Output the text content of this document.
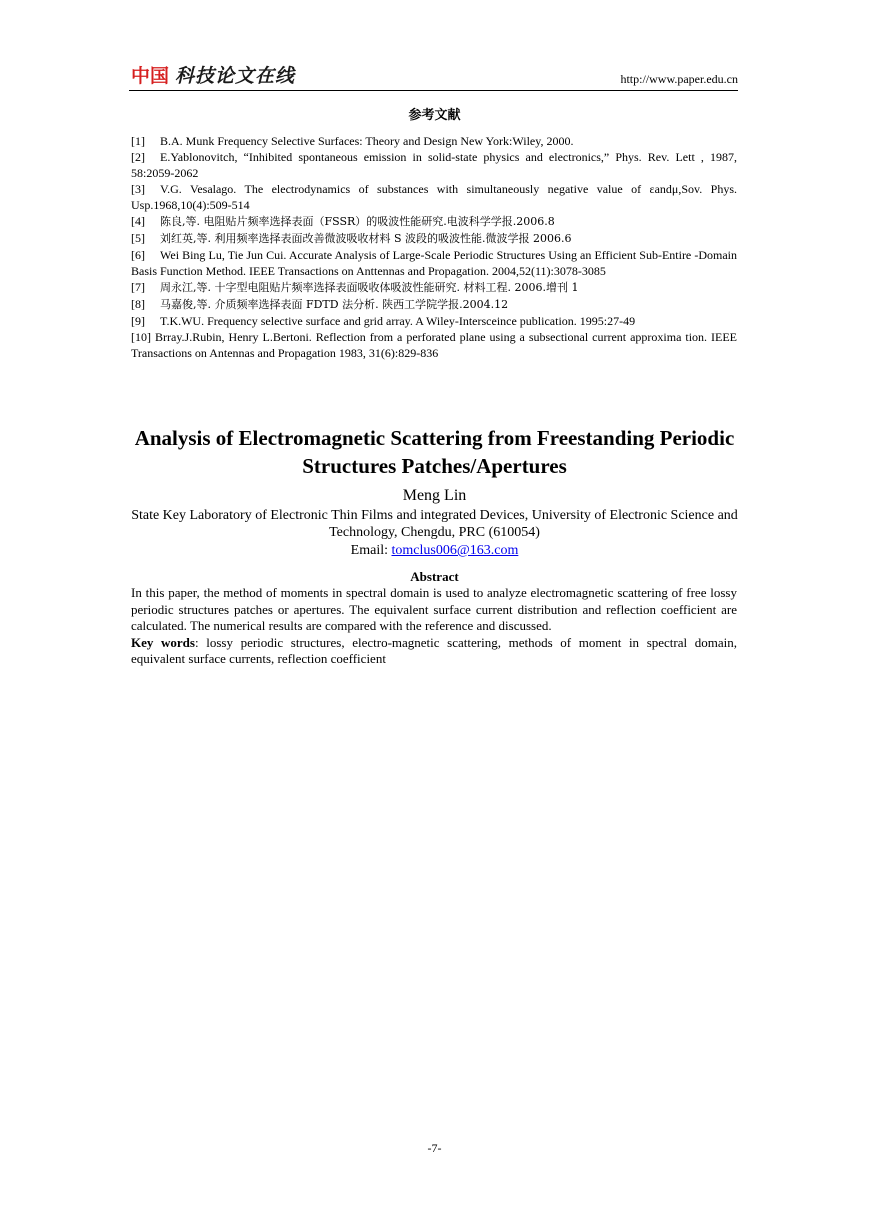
中国 科技论文在线	http://www.paper.edu.cn
参考文献

[1] B.A. Munk Frequency Selective Surfaces: Theory and Design New York:Wiley, 2000.

[2] E.Yablonovitch, “Inhibited spontaneous emission in solid-state physics and electronics,” Phys. Rev. Lett , 1987, 58:2059-2062

[3] V.G. Vesalago. The electrodynamics of substances with simultaneously negative value of εandμ,Sov. Phys. Usp.1968,10(4):509-514

[4] 陈良,等. 电阻贴片频率选择表面（FSSR）的吸波性能研究.电波科学学报.2006.8

[5] 刘红英,等. 利用频率选择表面改善微波吸收材料 S 波段的吸波性能.微波学报 2006.6

[6] Wei Bing Lu, Tie Jun Cui. Accurate Analysis of Large-Scale Periodic Structures Using an Efficient Sub-Entire -Domain Basis Function Method. IEEE Transactions on Anttennas and Propagation. 2004,52(11):3078-3085

[7] 周永江,等. 十字型电阻贴片频率选择表面吸收体吸波性能研究. 材料工程. 2006.增刊 1

[8] 马嘉俊,等. 介质频率选择表面 FDTD 法分析. 陕西工学院学报.2004.12

[9] T.K.WU. Frequency selective surface and grid array. A Wiley-Intersceince publication. 1995:27-49

[10] Brray.J.Rubin, Henry L.Bertoni. Reflection from a perforated plane using a subsectional current approxima tion. IEEE Transactions on Antennas and Propagation 1983, 31(6):829-836

Analysis of Electromagnetic Scattering from Freestanding Periodic Structures Patches/Apertures
Meng Lin
State Key Laboratory of Electronic Thin Films and integrated Devices, University of Electronic Science and Technology, Chengdu, PRC (610054)
Email: tomclus006@163.com
Abstract

In this paper, the method of moments in spectral domain is used to analyze electromagnetic scattering of free lossy periodic structures patches or apertures. The equivalent surface current distribution and reflection coefficient are calculated. The numerical results are compared with the reference and discussed.

Key words: lossy periodic structures, electro-magnetic scattering, methods of moment in spectral domain, equivalent surface currents, reflection coefficient

-7-
